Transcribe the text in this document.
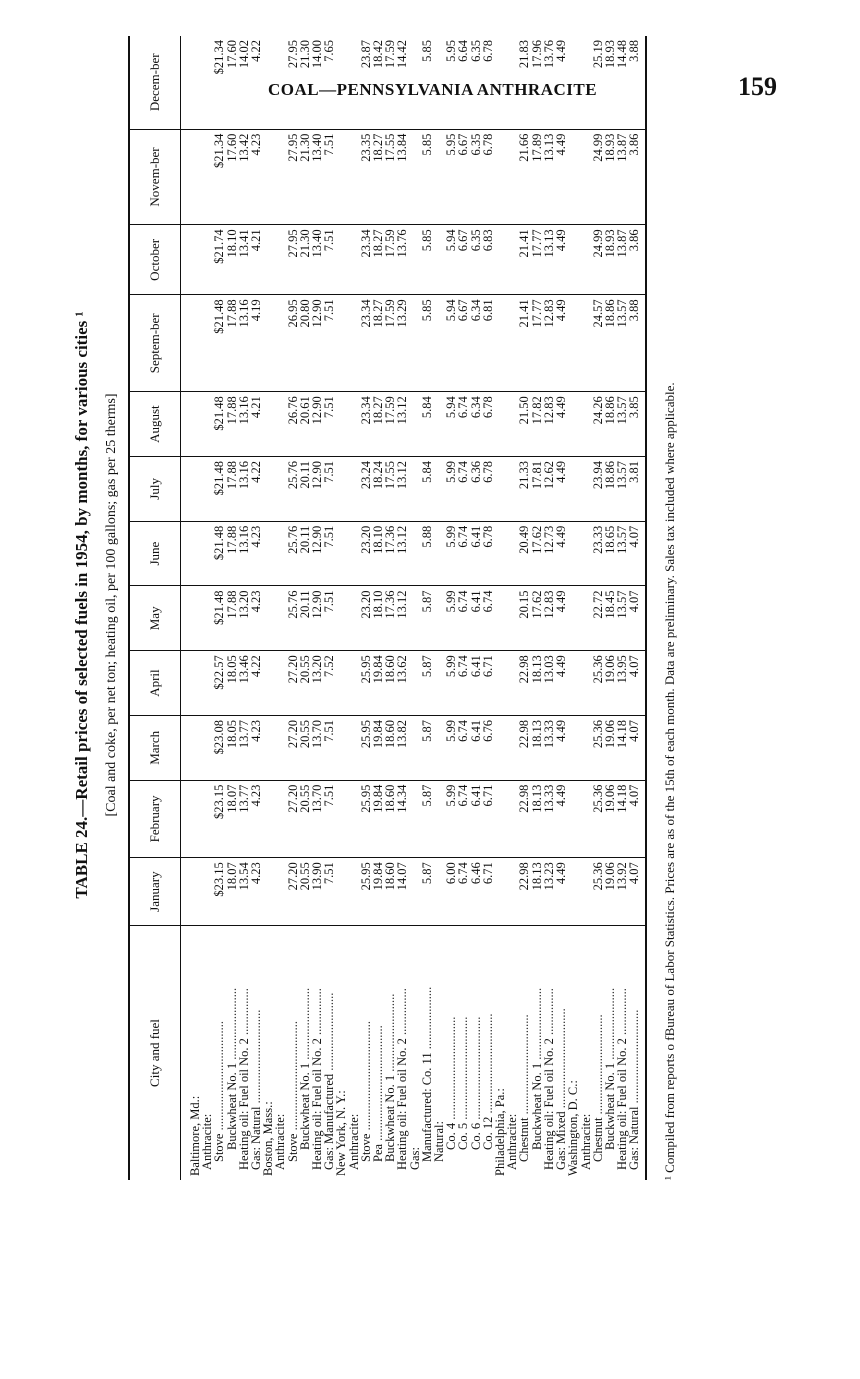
COAL—PENNSYLVANIA ANTHRACITE	159
TABLE 24.—Retail prices of selected fuels in 1954, by months, for various cities ¹ [Coal and coke, per net ton; heating oil, per 100 gallons; gas per 25 therms]
City and fuel	January	February	March	April	May	June	July	August	Septem-ber	October	Novem-ber	Decem-ber
Baltimore, Md.:												
Anthracite:												
Stove ...................................	$23.15	$23.15	$23.08	$22.57	$21.48	$21.48	$21.48	$21.48	$21.48	$21.74	$21.34	$21.34
Buckwheat No. 1 .......................	18.07	18.07	18.05	18.05	17.88	17.88	17.88	17.88	17.88	18.10	17.60	17.60
Heating oil: Fuel oil No. 2 ...............	13.54	13.77	13.77	13.46	13.20	13.16	13.16	13.16	13.16	13.41	13.42	14.02
Gas: Natural ..............................	4.23	4.23	4.23	4.22	4.23	4.23	4.22	4.21	4.19	4.21	4.23	4.22
Boston, Mass.:												
Anthracite:												
Stove ...................................	27.20	27.20	27.20	27.20	25.76	25.76	25.76	26.76	26.95	27.95	27.95	27.95
Buckwheat No. 1 .......................	20.55	20.55	20.55	20.55	20.11	20.11	20.11	20.61	20.80	21.30	21.30	21.30
Heating oil: Fuel oil No. 2 ...............	13.90	13.70	13.70	13.20	12.90	12.90	12.90	12.90	12.90	13.40	13.40	14.00
Gas: Manufactured .........................	7.51	7.51	7.51	7.52	7.51	7.51	7.51	7.51	7.51	7.51	7.51	7.65
New York, N. Y.:												
Anthracite:												
Stove ...................................	25.95	25.95	25.95	25.95	23.20	23.20	23.24	23.34	23.34	23.34	23.35	23.87
Pea .....................................	19.84	19.84	19.84	19.84	18.10	18.10	18.24	18.27	18.27	18.27	18.27	18.42
Buckwheat No. 1 .........................	18.60	18.60	18.60	18.60	17.36	17.36	17.55	17.59	17.59	17.59	17.55	17.59
Heating oil: Fuel oil No. 2 ...............	14.07	14.34	13.82	13.62	13.12	13.12	13.12	13.12	13.29	13.76	13.84	14.42
Gas:												
Manufactured: Co. 11 ....................	5.87	5.87	5.87	5.87	5.87	5.88	5.84	5.84	5.85	5.85	5.85	5.85
Natural:												
Co. 4 .................................	6.00	5.99	5.99	5.99	5.99	5.99	5.99	5.94	5.94	5.94	5.95	5.95
Co. 5 .................................	6.74	6.74	6.74	6.74	6.74	6.74	6.74	6.74	6.67	6.67	6.67	6.64
Co. 6 .................................	6.46	6.41	6.41	6.41	6.41	6.41	6.36	6.34	6.34	6.35	6.35	6.35
Co. 12 ................................	6.71	6.71	6.76	6.71	6.74	6.78	6.78	6.78	6.81	6.83	6.78	6.78
Philadelphia, Pa.:												
Anthracite:												
Chestnut ................................	22.98	22.98	22.98	22.98	20.15	20.49	21.33	21.50	21.41	21.41	21.66	21.83
Buckwheat No. 1 .......................	18.13	18.13	18.13	18.13	17.62	17.62	17.81	17.82	17.77	17.77	17.89	17.96
Heating oil: Fuel oil No. 2 ...............	13.23	13.33	13.33	13.03	12.83	12.73	12.62	12.83	12.83	13.13	13.13	13.76
Gas: Mixed ................................	4.49	4.49	4.49	4.49	4.49	4.49	4.49	4.49	4.49	4.49	4.49	4.49
Washington, D. C.:												
Anthracite:												
Chestnut ................................	25.36	25.36	25.36	25.36	22.72	23.33	23.94	24.26	24.57	24.99	24.99	25.19
Buckwheat No. 1 .......................	19.06	19.06	19.06	19.06	18.45	18.65	18.86	18.86	18.86	18.93	18.93	18.93
Heating oil: Fuel oil No. 2 ...............	13.92	14.18	14.18	13.95	13.57	13.57	13.57	13.57	13.57	13.87	13.87	14.48
Gas: Natural ..............................	4.07	4.07	4.07	4.07	4.07	4.07	3.81	3.85	3.88	3.86	3.86	3.88
¹ Compiled from reports o fBureau of Labor Statistics. Prices are as of the 15th of each month. Data are preliminary. Sales tax included where applicable.
